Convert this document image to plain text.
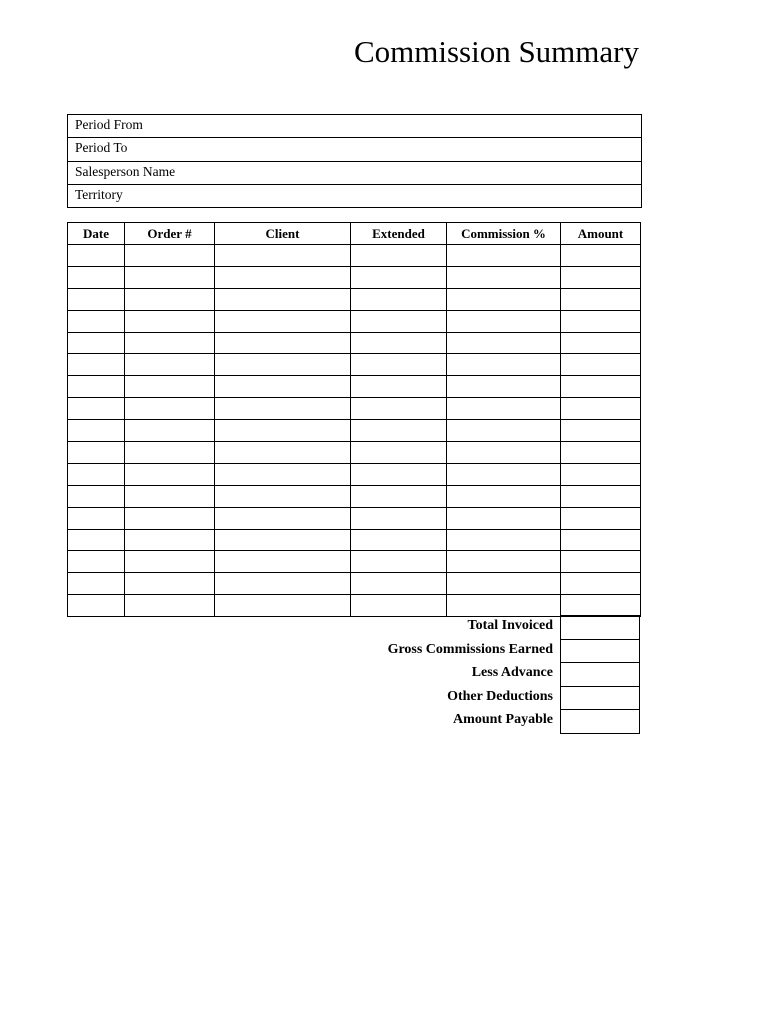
Commission Summary
Period From
Period To
Salesperson Name
Territory
Date	Order #	Client	Extended	Commission %	Amount

Total Invoiced
Gross Commissions Earned
Less Advance
Other Deductions
Amount Payable
